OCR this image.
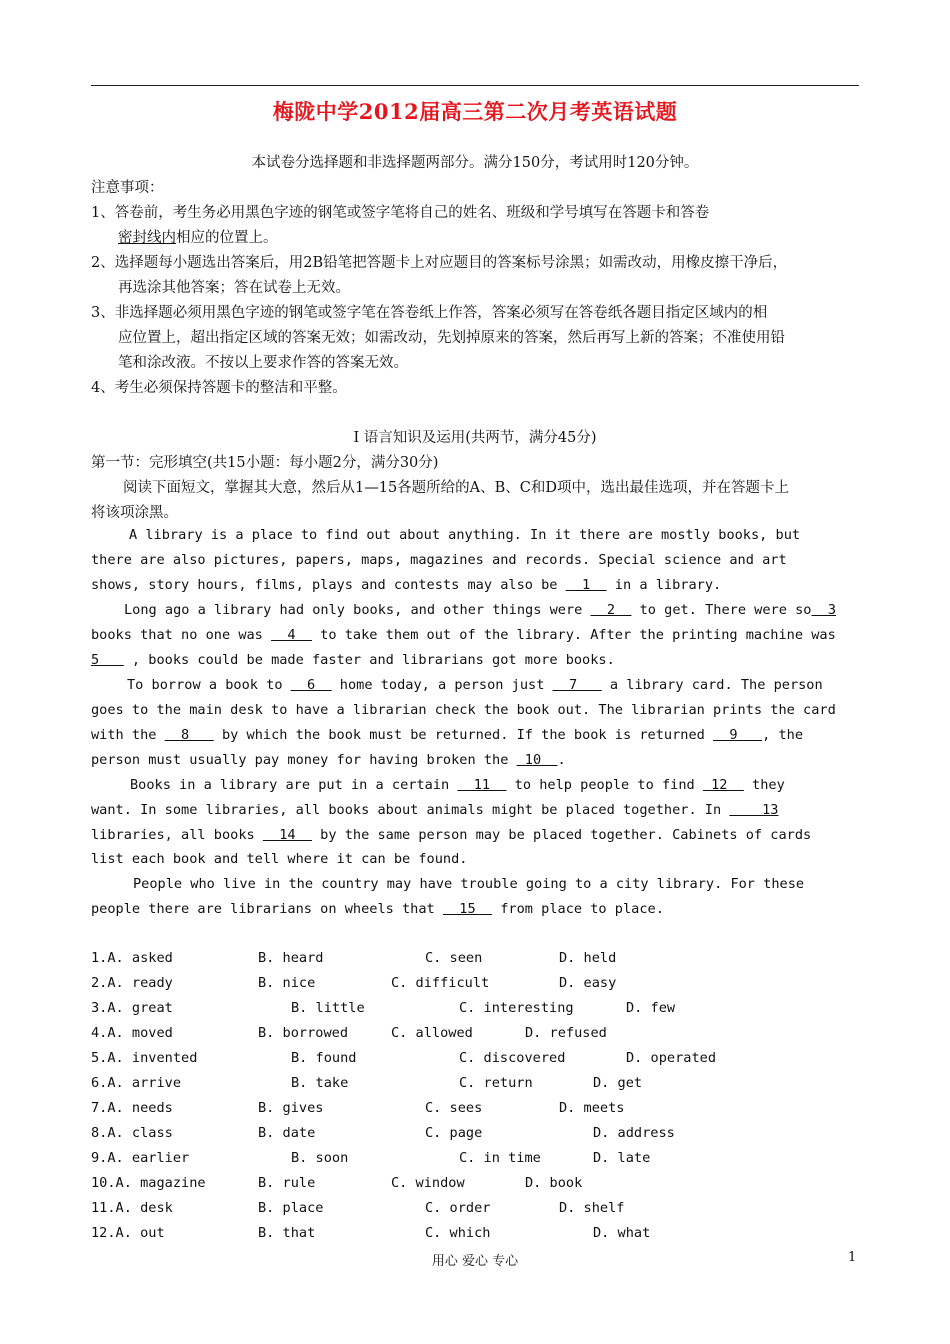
梅陇中学2012届高三第二次月考英语试题
本试卷分选择题和非选择题两部分。满分150分，考试用时120分钟。
注意事项：
1、答卷前，考生务必用黑色字迹的钢笔或签字笔将自己的姓名、班级和学号填写在答题卡和答卷
密封线内相应的位置上。
2、选择题每小题选出答案后，用2B铅笔把答题卡上对应题目的答案标号涂黑；如需改动，用橡皮擦干净后，
再选涂其他答案；答在试卷上无效。
3、非选择题必须用黑色字迹的钢笔或签字笔在答卷纸上作答，答案必须写在答卷纸各题目指定区域内的相
应位置上，超出指定区域的答案无效；如需改动，先划掉原来的答案，然后再写上新的答案；不准使用铅
笔和涂改液。不按以上要求作答的答案无效。
4、考生必须保持答题卡的整洁和平整。
I 语言知识及运用(共两节，满分45分)
第一节：完形填空(共15小题：每小题2分，满分30分)
阅读下面短文，掌握其大意，然后从1—15各题所给的A、B、C和D项中，选出最佳选项，并在答题卡上
将该项涂黑。
A library is a place to find out about anything. In it there are mostly books, but
there are also pictures, papers, maps, magazines and records. Special science and art
shows, story hours, films, plays and contests may also be   1   in a library.
Long ago a library had only books, and other things were   2   to get. There were so  3
books that no one was   4   to take them out of the library. After the printing machine was
5    , books could be made faster and librarians got more books.
To borrow a book to   6   home today, a person just   7    a library card. The person
goes to the main desk to have a librarian check the book out. The librarian prints the card
with the   8    by which the book must be returned. If the book is returned   9   , the
person must usually pay money for having broken the  10  .
Books in a library are put in a certain   11   to help people to find  12   they
want. In some libraries, all books about animals might be placed together. In     13
libraries, all books   14   by the same person may be placed together. Cabinets of cards
list each book and tell where it can be found.
People who live in the country may have trouble going to a city library. For these
people there are librarians on wheels that   15   from place to place.
1.A. asked	B. heard	C. seen	D. held
2.A. ready	B. nice	C. difficult	D. easy
3.A. great	B. little	C. interesting	D. few
4.A. moved	B. borrowed	C. allowed	D. refused
5.A. invented	B. found	C. discovered	D. operated
6.A. arrive	B. take	C. return	D. get
7.A. needs	B. gives	C. sees	D. meets
8.A. class	B. date	C. page	D. address
9.A. earlier	B. soon	C. in time	D. late
10.A. magazine	B. rule	C. window	D. book
11.A. desk	B. place	C. order	D. shelf
12.A. out	B. that	C. which	D. what
用心 爱心 专心	1
